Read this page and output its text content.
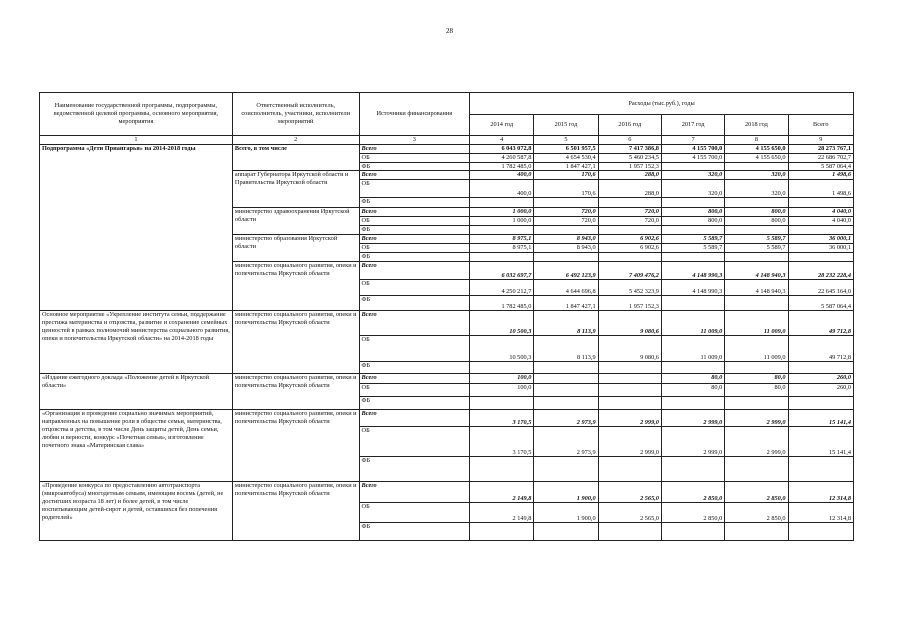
28
Наименование государственной программы, подпрограммы, ведомственной целевой программы, основного мероприятия, мероприятия	Ответственный исполнитель, соисполнитель, участники, исполнители мероприятий	Источники финансирования	Расходы (тыс.руб.), годы					
			2014 год	2015 год	2016 год	2017 год	2018 год	Всего
1	2	3	4	5	6	7	8	9
Подпрограмма «Дети Приангарья» на 2014-2018 годы	Всего, в том числе	Всего	6 043 072,8	6 501 957,5	7 417 386,8	4 155 700,0	4 155 650,0	28 273 767,1
		ОБ	4 260 587,8	4 654 530,4	5 460 234,5	4 155 700,0	4 155 650,0	22 686 702,7
		ФБ	1 782 485,0	1 847 427,1	1 957 152,3			5 587 064,4
	аппарат Губернатора Иркутской области и Правительства Иркутской области	Всего	400,0	170,6	288,0	320,0	320,0	1 498,6
		ОБ	400,0	170,6	288,0	320,0	320,0	1 498,6
		ФБ						
	министерство здравоохранения Иркутской области	Всего	1 000,0	720,0	720,0	800,0	800,0	4 040,0
		ОБ	1 000,0	720,0	720,0	800,0	800,0	4 040,0
		ФБ						
	министерство образования Иркутской области	Всего	8 975,1	8 943,0	6 902,6	5 589,7	5 589,7	36 000,1
		ОБ	8 975,1	8 943,0	6 902,6	5 589,7	5 589,7	36 000,1
		ФБ						
	министерство социального развития, опеки и попечительства Иркутской области	Всего	6 032 697,7	6 492 123,9	7 409 476,2	4 148 990,3	4 148 940,3	28 232 228,4
		ОБ	4 250 212,7	4 644 696,8	5 452 323,9	4 148 990,3	4 148 940,3	22 645 164,0
		ФБ	1 782 485,0	1 847 427,1	1 957 152,3			5 587 064,4
Основное мероприятие «Укрепление института семьи, поддержание престижа материнства и отцовства, развитие и сохранение семейных ценностей в рамках полномочий министерства социального развития, опеки и попечительства Иркутской области» на 2014-2018 годы	министерство социального развития, опеки и попечительства Иркутской области	Всего	10 500,3	8 113,9	9 080,6	11 009,0	11 009,0	49 712,8
		ОБ	10 500,3	8 113,9	9 080,6	11 009,0	11 009,0	49 712,8
		ФБ						
«Издание ежегодного доклада «Положение детей в Иркутской области»	министерство социального развития, опеки и попечительства Иркутской области	Всего	100,0			80,0	80,0	260,0
		ОБ	100,0			80,0	80,0	260,0
		ФБ						
«Организация и проведение социально значимых мероприятий, направленных на повышение роли в обществе семьи, материнства, отцовства и детства, в том числе День защиты детей, День семьи, любви и верности, конкурс «Почетная семья», изготовление почетного знака «Материнская слава»	министерство социального развития, опеки и попечительства Иркутской области	Всего	3 170,5	2 973,9	2 999,0	2 999,0	2 999,0	15 141,4
		ОБ	3 170,5	2 973,9	2 999,0	2 999,0	2 999,0	15 141,4
		ФБ						
«Проведение конкурса по предоставлению автотранспорта (микроавтобуса) многодетным семьям, имеющим восемь (детей, не достигших возраста 18 лет) и более детей, в том числе воспитывающим детей-сирот и детей, оставшихся без попечения родителей»	министерство социального развития, опеки и попечительства Иркутской области	Всего	2 149,8	1 900,0	2 565,0	2 850,0	2 850,0	12 314,8
		ОБ	2 149,8	1 900,0	2 565,0	2 850,0	2 850,0	12 314,8
		ФБ						
